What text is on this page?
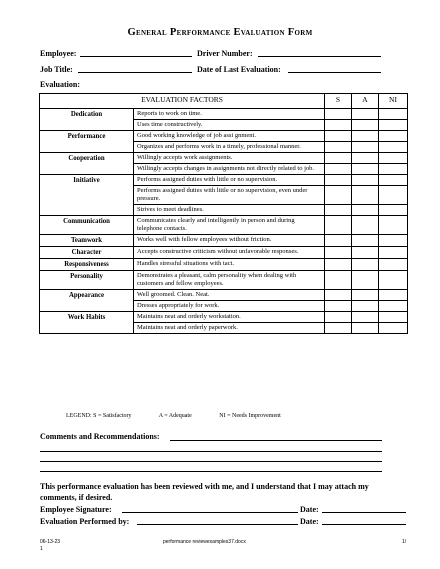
General Performance Evaluation Form
Employee:	Driver Number:
Job Title:	Date of Last Evaluation:
Evaluation:
EVALUATION FACTORS		S	A	NI
Dedication	Reports to work on time.			
	Uses time constructively.			
Performance	Good working knowledge of job assi gnment.			
	Organizes and performs work in a timely, professional manner.			
Cooperation	Willingly accepts work assignments.			
	Willingly accepts changes in assignments not directly related to job.			
Initiative	Performs assigned duties with little or no supervision.			
	Performs assigned duties with little or no supervision, even under pressure.			
	Strives to meet deadlines.			
Communication	Communicates clearly and intelligently in person and during telephone contacts.			
Teamwork	Works well with fellow employees without friction.			
Character	Accepts constructive criticism without unfavorable responses.			
Responsiveness	Handles stressful situations with tact.			
Personality	Demonstrates a pleasant, calm personality when dealing with customers and fellow employees.			
Appearance	Well groomed. Clean. Neat.			
	Dresses appropriately for work.			
Work Habits	Maintains neat and orderly workstation.			
	Maintains neat and orderly paperwork.			
LEGEND: S = Satisfactory	A = Adequate	NI = Needs Improvement
Comments and Recommendations:
This performance evaluation has been reviewed with me, and I understand that I may attach my comments, if desired.
Employee Signature:	Date:
Evaluation Performed by:	Date:
06-13-23
1
performance reviewexamples37.docx	1/
